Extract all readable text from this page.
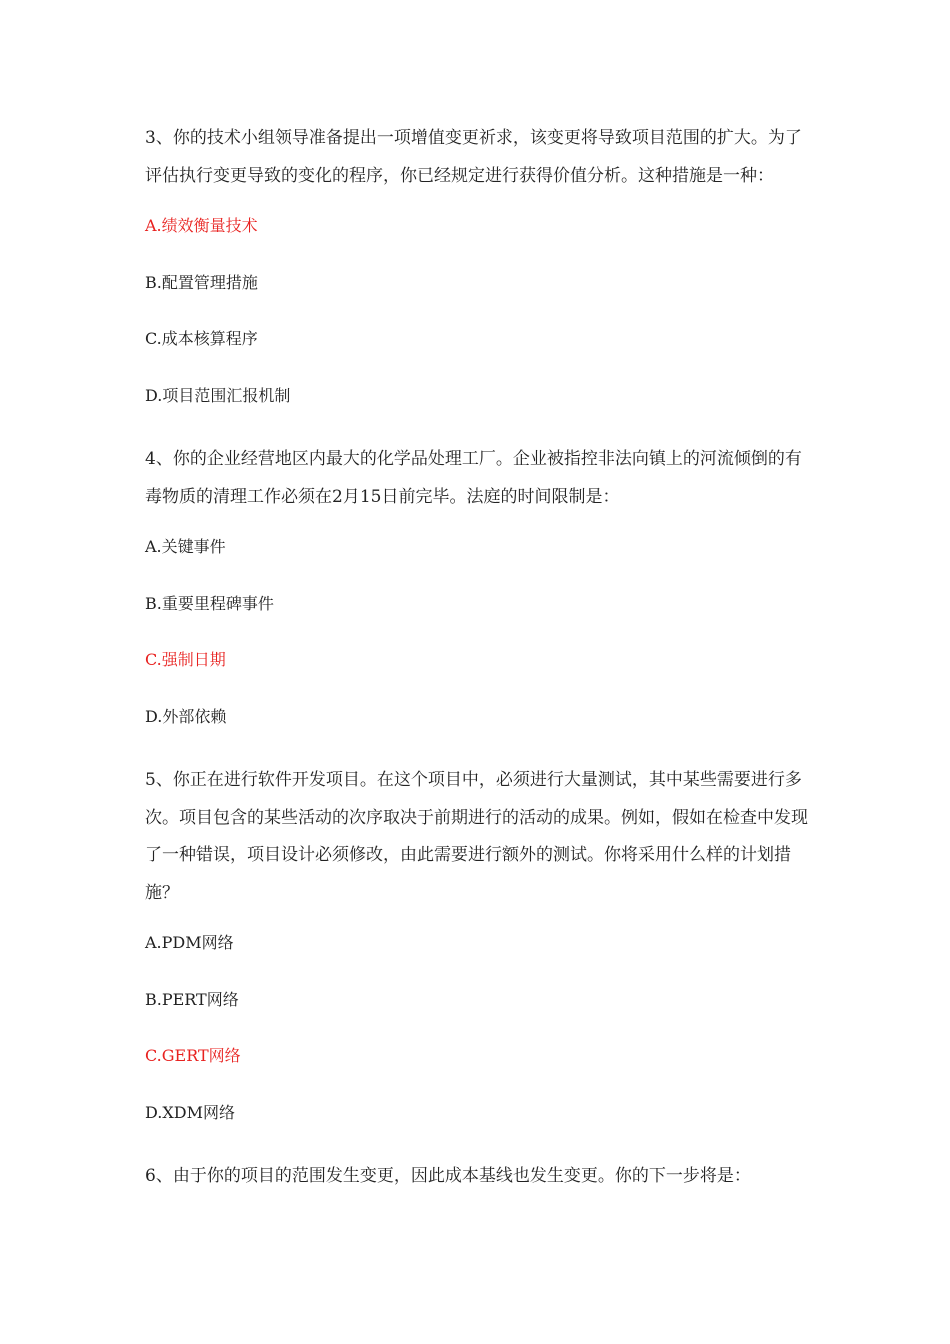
3、你的技术小组领导准备提出一项增值变更祈求，该变更将导致项目范围的扩大。为了评估执行变更导致的变化的程序，你已经规定进行获得价值分析。这种措施是一种：

A.绩效衡量技术

B.配置管理措施

C.成本核算程序

D.项目范围汇报机制

4、你的企业经营地区内最大的化学品处理工厂。企业被指控非法向镇上的河流倾倒的有毒物质的清理工作必须在2月15日前完毕。法庭的时间限制是：

A.关键事件

B.重要里程碑事件

C.强制日期

D.外部依赖

5、你正在进行软件开发项目。在这个项目中，必须进行大量测试，其中某些需要进行多次。项目包含的某些活动的次序取决于前期进行的活动的成果。例如，假如在检查中发现了一种错误，项目设计必须修改，由此需要进行额外的测试。你将采用什么样的计划措施？

A.PDM网络

B.PERT网络

C.GERT网络

D.XDM网络

6、由于你的项目的范围发生变更，因此成本基线也发生变更。你的下一步将是：
